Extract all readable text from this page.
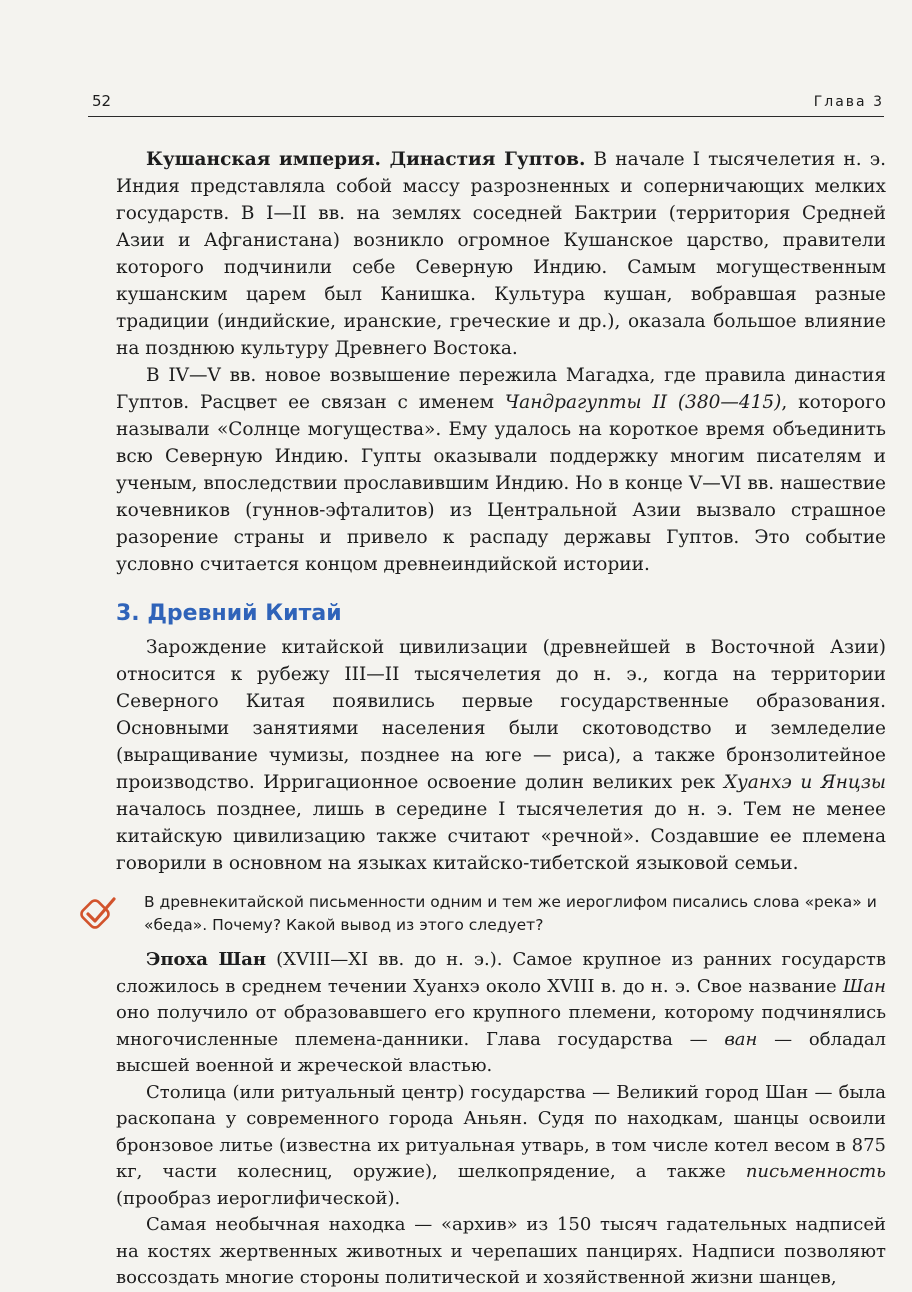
52	Глава 3

Кушанская империя. Династия Гуптов. В начале I тысячелетия н. э. Индия представляла собой массу разрозненных и соперничающих мелких государств. В I—II вв. на землях соседней Бактрии (территория Средней Азии и Афганистана) возникло огромное Кушанское царство, правители которого подчинили себе Северную Индию. Самым могущественным кушанским царем был Канишка. Культура кушан, вобравшая разные традиции (индийские, иранские, греческие и др.), оказала большое влияние на позднюю культуру Древнего Востока.

В IV—V вв. новое возвышение пережила Магадха, где правила династия Гуптов. Расцвет ее связан с именем Чандрагупты II (380—415), которого называли «Солнце могущества». Ему удалось на короткое время объединить всю Северную Индию. Гупты оказывали поддержку многим писателям и ученым, впоследствии прославившим Индию. Но в конце V—VI вв. нашествие кочевников (гуннов-эфталитов) из Центральной Азии вызвало страшное разорение страны и привело к распаду державы Гуптов. Это событие условно считается концом древнеиндийской истории.

3. Древний Китай

Зарождение китайской цивилизации (древнейшей в Восточной Азии) относится к рубежу III—II тысячелетия до н. э., когда на территории Северного Китая появились первые государственные образования. Основными занятиями населения были скотоводство и земледелие (выращивание чумизы, позднее на юге — риса), а также бронзолитейное производство. Ирригационное освоение долин великих рек Хуанхэ и Янцзы началось позднее, лишь в середине I тысячелетия до н. э. Тем не менее китайскую цивилизацию также считают «речной». Создавшие ее племена говорили в основном на языках китайско-тибетской языковой семьи.

В древнекитайской письменности одним и тем же иероглифом писались слова «река» и «беда». Почему? Какой вывод из этого следует?

Эпоха Шан (XVIII—XI вв. до н. э.). Самое крупное из ранних государств сложилось в среднем течении Хуанхэ около XVIII в. до н. э. Свое название Шан оно получило от образовавшего его крупного племени, которому подчинялись многочисленные племена-данники. Глава государства — ван — обладал высшей военной и жреческой властью.

Столица (или ритуальный центр) государства — Великий город Шан — была раскопана у современного города Аньян. Судя по находкам, шанцы освоили бронзовое литье (известна их ритуальная утварь, в том числе котел весом в 875 кг, части колесниц, оружие), шелкопрядение, а также письменность (прообраз иероглифической).

Самая необычная находка — «архив» из 150 тысяч гадательных надписей на костях жертвенных животных и черепаших панцирях. Надписи позволяют воссоздать многие стороны политической и хозяйственной жизни шанцев,
